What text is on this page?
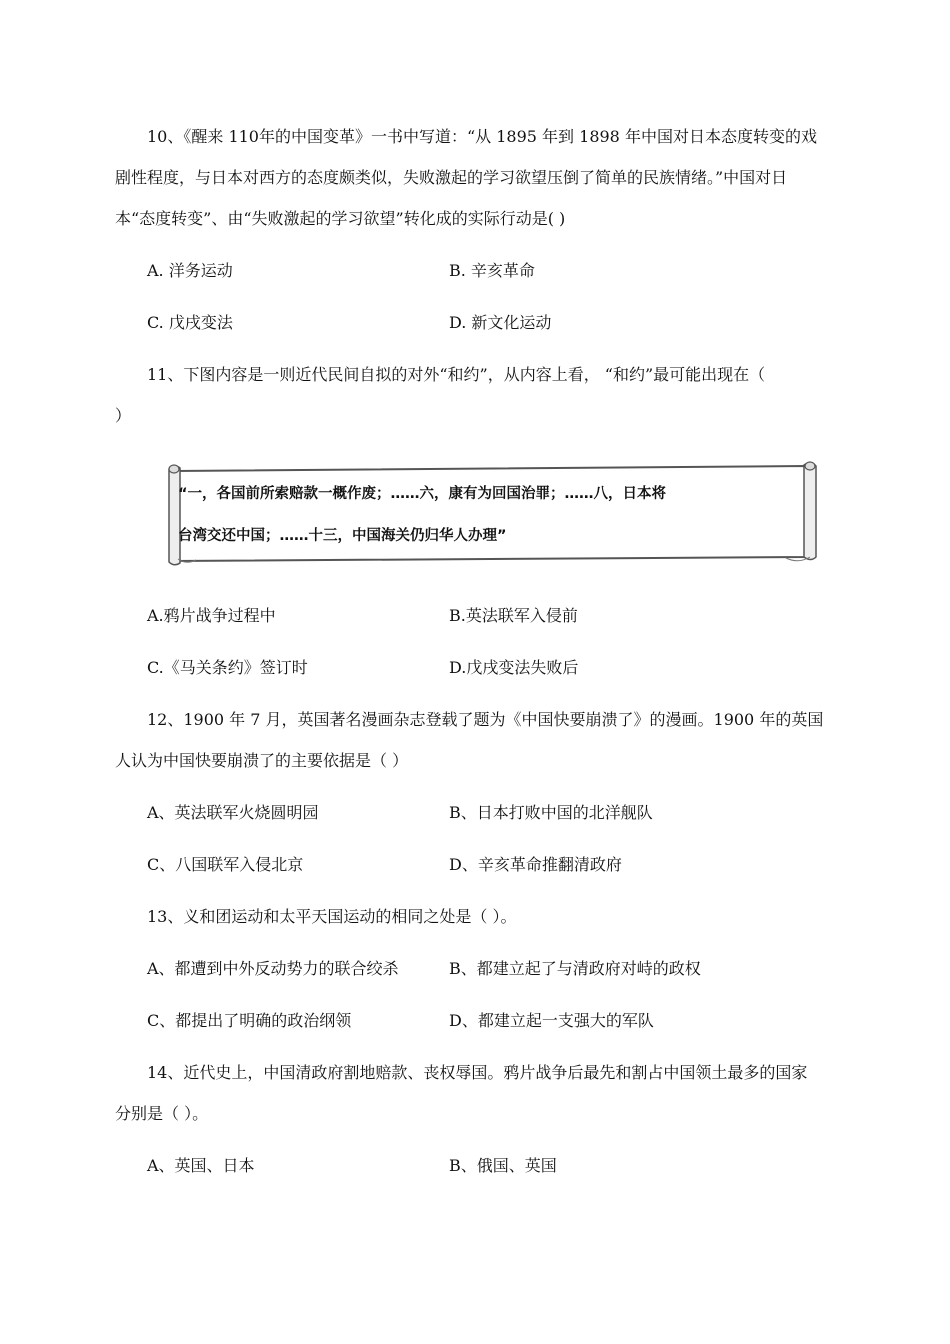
10、《醒来 110年的中国变革》一书中写道：“从 1895 年到 1898 年中国对日本态度转变的戏
剧性程度，与日本对西方的态度颇类似，失败激起的学习欲望压倒了简单的民族情绪。”中国对日
本“态度转变”、由“失败激起的学习欲望”转化成的实际行动是( )
A. 洋务运动	B. 辛亥革命
C. 戊戌变法	D. 新文化运动
11、下图内容是一则近代民间自拟的对外“和约”，从内容上看， “和约”最可能出现在（
）
“一，各国前所索赔款一概作废；……六，康有为回国治罪；……八，日本将
台湾交还中国；……十三，中国海关仍归华人办理”
A.鸦片战争过程中	B.英法联军入侵前
C.《马关条约》签订时	D.戊戌变法失败后
12、1900 年 7 月，英国著名漫画杂志登载了题为《中国快要崩溃了》的漫画。1900 年的英国
人认为中国快要崩溃了的主要依据是（ ）
A、英法联军火烧圆明园	B、日本打败中国的北洋舰队
C、八国联军入侵北京	D、辛亥革命推翻清政府
13、义和团运动和太平天国运动的相同之处是（ ）。
A、都遭到中外反动势力的联合绞杀	B、都建立起了与清政府对峙的政权
C、都提出了明确的政治纲领	D、都建立起一支强大的军队
14、近代史上，中国清政府割地赔款、丧权辱国。鸦片战争后最先和割占中国领土最多的国家
分别是（ ）。
A、英国、日本	B、俄国、英国
